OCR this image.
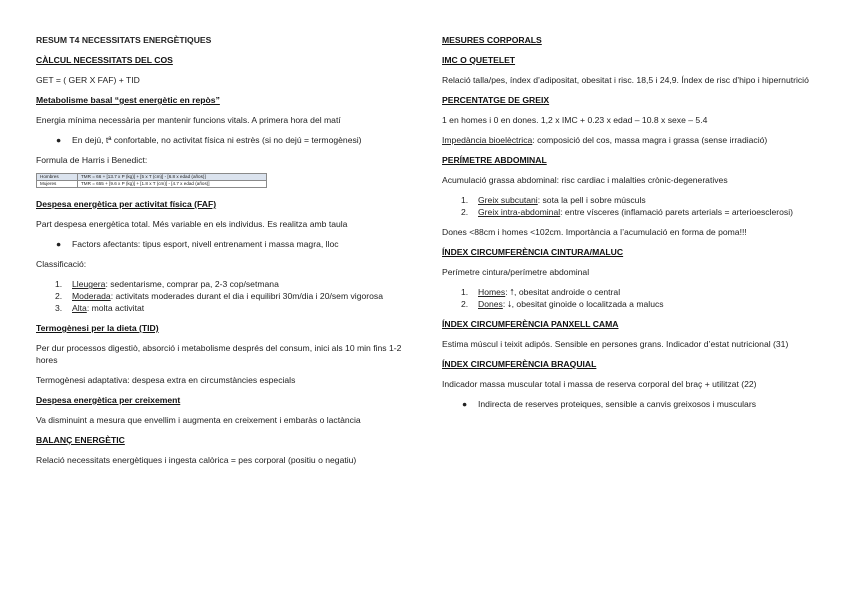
RESUM T4 NECESSITATS ENERGÈTIQUES

CÀLCUL NECESSITATS DEL COS

GET = ( GER X FAF) + TID

Metabolisme basal “gest energètic en repòs”

Energia mínima necessària per mantenir funcions vitals. A primera hora del matí

● En dejú, tª confortable, no activitat física ni estrès (si no dejú = termogènesi)

Formula de Harris i Benedict:

Hombres	TMR = 66 + [13.7 x P (kg)] + [5 x T (cm)] - [6.8 x edad (años)]
Mujeres	TMR = 655 + [9.6 x P (kg)] + [1.8 x T (cm)] - [4.7 x edad (años)]

Despesa energètica per activitat física (FAF)

Part despesa energètica total. Més variable en els individus. Es realitza amb taula

● Factors afectants: tipus esport, nivell entrenament i massa magra, lloc

Classificació:

1. Lleugera: sedentarisme, comprar pa, 2-3 cop/setmana

2. Moderada: activitats moderades durant el dia i equilibri 30m/dia i 20/sem vigorosa

3. Alta: molta activitat

Termogènesi per la dieta (TID)

Per dur processos digestiò, absorció i metabolisme després del consum, inici als 10 min fins 1-2 hores

Termogènesi adaptativa: despesa extra en circumstàncies especials

Despesa energètica per creixement

Va disminuint a mesura que envellim i augmenta en creixement i embaràs o lactància

BALANÇ ENERGÈTIC

Relació necessitats energètiques i ingesta calòrica = pes corporal (positiu o negatiu)

MESURES CORPORALS

IMC O QUETELET

Relació talla/pes, índex d’adipositat, obesitat i risc. 18,5 i 24,9. Índex de risc d’hipo i hipernutrició

PERCENTATGE DE GREIX

1 en homes i 0 en dones. 1,2 x IMC + 0.23 x edad – 10.8 x sexe – 5.4

Impedància bioelèctrica: composició del cos, massa magra i grassa (sense irradiació)

PERÍMETRE ABDOMINAL

Acumulació grassa abdominal: risc cardiac i malalties crònic-degeneratives

1. Greix subcutani: sota la pell i sobre músculs

2. Greix intra-abdominal: entre vísceres (inflamació parets arterials = arterioesclerosi)

Dones <88cm i homes <102cm. Importància a l’acumulació en forma de poma!!!

ÍNDEX CIRCUMFERÈNCIA CINTURA/MALUC

Perímetre cintura/perímetre abdominal

1. Homes: ⭡, obesitat androide o central

2. Dones: ⭣, obesitat ginoide o localitzada a malucs

ÍNDEX CIRCUMFERÈNCIA PANXELL CAMA

Estima múscul i teixit adipós. Sensible en persones grans. Indicador d’estat nutricional (31)

ÍNDEX CIRCUMFERÈNCIA BRAQUIAL

Indicador massa muscular total i massa de reserva corporal del braç + utilitzat (22)

● Indirecta de reserves proteiques, sensible a canvis greixosos i musculars
